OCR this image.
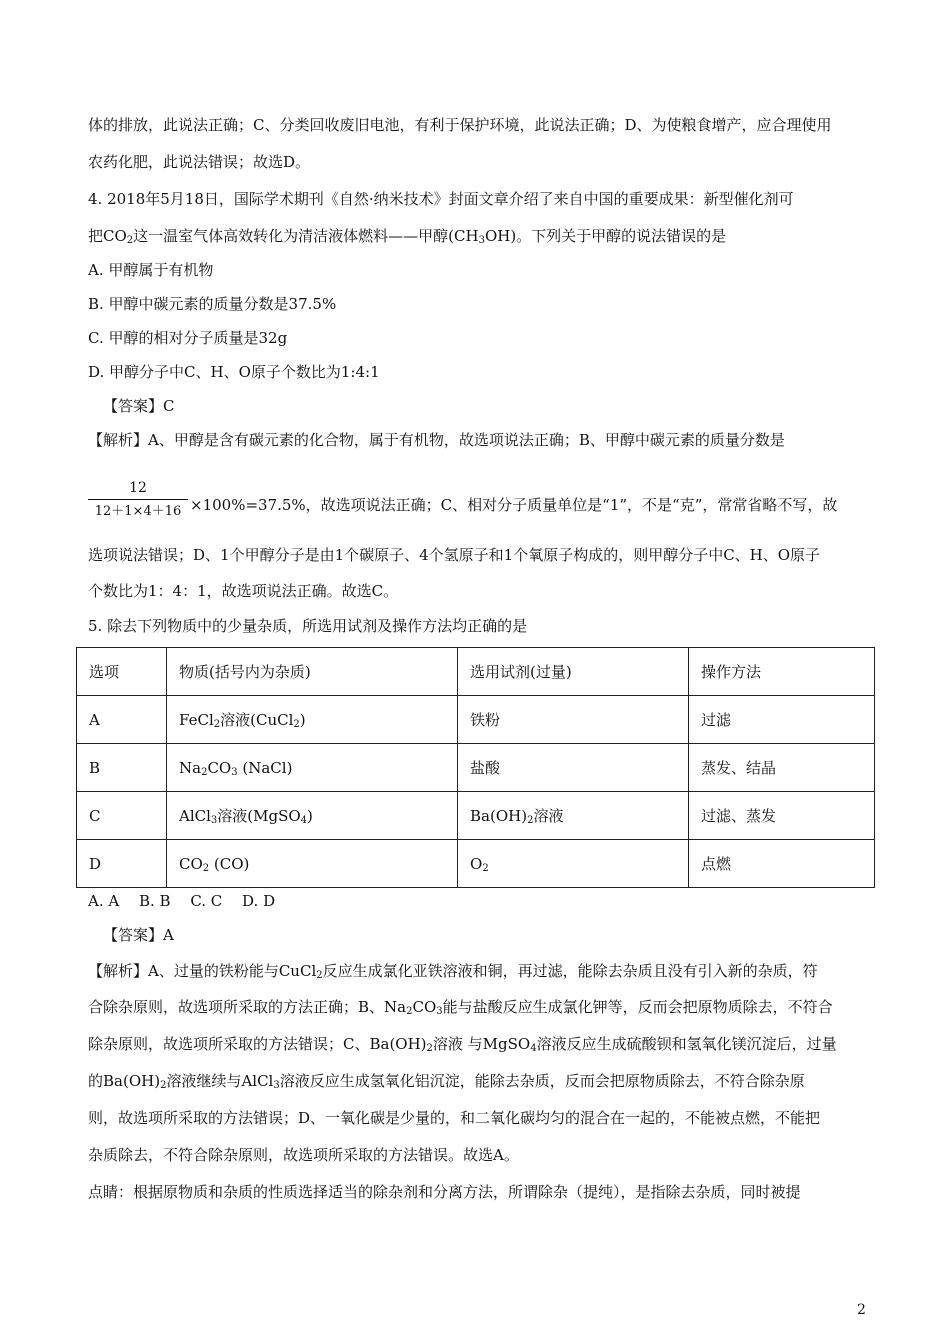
体的排放，此说法正确；C、分类回收废旧电池，有利于保护环境，此说法正确；D、为使粮食增产，应合理使用
农药化肥，此说法错误；故选D。
4. 2018年5月18日，国际学术期刊《自然·纳米技术》封面文章介绍了来自中国的重要成果：新型催化剂可
把$CO_2$这一温室气体高效转化为清洁液体燃料——甲醇$(CH_3OH)$。下列关于甲醇的说法错误的是
A. 甲醇属于有机物
B. 甲醇中碳元素的质量分数是37.5%
C. 甲醇的相对分子质量是32g
D. 甲醇分子中C、H、O原子个数比为1:4:1
【答案】C
【解析】A、甲醇是含有碳元素的化合物，属于有机物，故选项说法正确；B、甲醇中碳元素的质量分数是
12
12＋1×4＋16 ×100%=37.5%，故选项说法正确；C、相对分子质量单位是“1”，不是“克”，常常省略不写，故
选项说法错误；D、1个甲醇分子是由1个碳原子、4个氢原子和1个氧原子构成的，则甲醇分子中C、H、O原子
个数比为1：4：1，故选项说法正确。故选C。
5. 除去下列物质中的少量杂质，所选用试剂及操作方法均正确的是
选项	物质(括号内为杂质)	选用试剂(过量)	操作方法
A	FeCl$_2$溶液(CuCl$_2$)	铁粉	过滤
B	$Na_2CO_3$ (NaCl)	盐酸	蒸发、结晶
C	AlCl$_3$溶液(MgSO$_4$)	$Ba(OH)_2$溶液	过滤、蒸发
D	$CO_2$ (CO)	$O_2$	点燃
A. A　 B. B　 C. C　 D. D
【答案】A
【解析】A、过量的铁粉能与CuCl$_2$反应生成氯化亚铁溶液和铜，再过滤，能除去杂质且没有引入新的杂质，符
合除杂原则，故选项所采取的方法正确；B、$Na_2CO_3$能与盐酸反应生成氯化钾等，反而会把原物质除去，不符合
除杂原则，故选项所采取的方法错误；C、$Ba(OH)_2$溶液 与MgSO$_4$溶液反应生成硫酸钡和氢氧化镁沉淀后，过量
的$Ba(OH)_2$溶液继续与AlCl$_3$溶液反应生成氢氧化铝沉淀，能除去杂质，反而会把原物质除去，不符合除杂原
则，故选项所采取的方法错误；D、一氧化碳是少量的，和二氧化碳均匀的混合在一起的，不能被点燃，不能把
杂质除去，不符合除杂原则，故选项所采取的方法错误。故选A。
点睛：根据原物质和杂质的性质选择适当的除杂剂和分离方法，所谓除杂（提纯），是指除去杂质，同时被提
2
